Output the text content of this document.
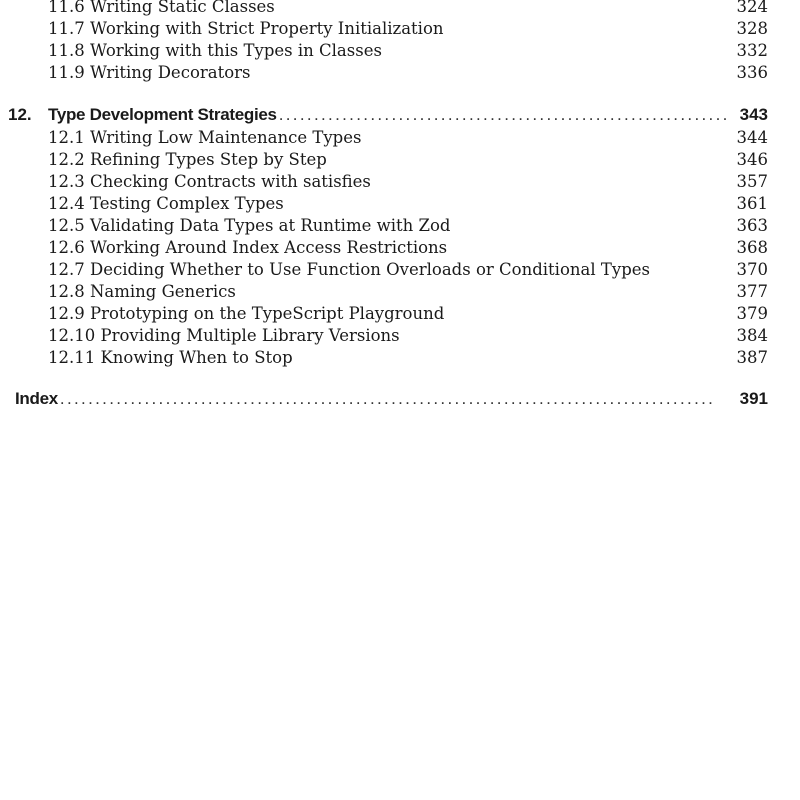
11.6 Writing Static Classes	324
11.7 Working with Strict Property Initialization	328
11.8 Working with this Types in Classes	332
11.9 Writing Decorators	336
12. Type Development Strategies . . .	343
12.1 Writing Low Maintenance Types	344
12.2 Refining Types Step by Step	346
12.3 Checking Contracts with satisfies	357
12.4 Testing Complex Types	361
12.5 Validating Data Types at Runtime with Zod	363
12.6 Working Around Index Access Restrictions	368
12.7 Deciding Whether to Use Function Overloads or Conditional Types	370
12.8 Naming Generics	377
12.9 Prototyping on the TypeScript Playground	379
12.10 Providing Multiple Library Versions	384
12.11 Knowing When to Stop	387
Index . . .	391
